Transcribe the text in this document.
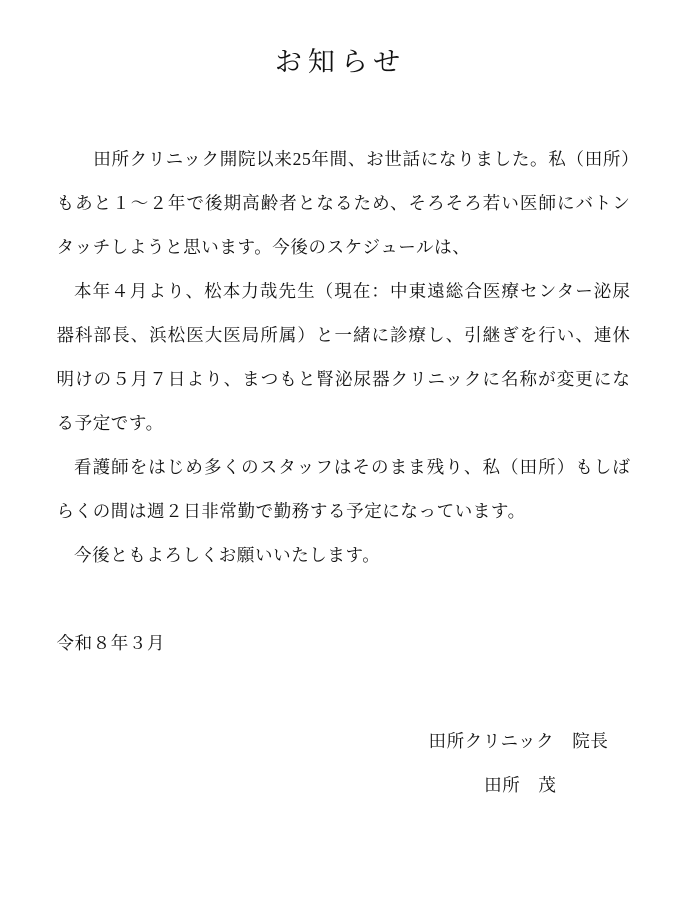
お知らせ

田所クリニック開院以来25年間、お世話になりました。私（田所）もあと１～２年で後期高齢者となるため、そろそろ若い医師にバトンタッチしようと思います。今後のスケジュールは、

本年４月より、松本力哉先生（現在：中東遠総合医療センター泌尿器科部長、浜松医大医局所属）と一緒に診療し、引継ぎを行い、連休明けの５月７日より、まつもと腎泌尿器クリニックに名称が変更になる予定です。

看護師をはじめ多くのスタッフはそのまま残り、私（田所）もしばらくの間は週２日非常勤で勤務する予定になっています。

今後ともよろしくお願いいたします。

令和８年３月
田所クリニック　院長
田所　茂
